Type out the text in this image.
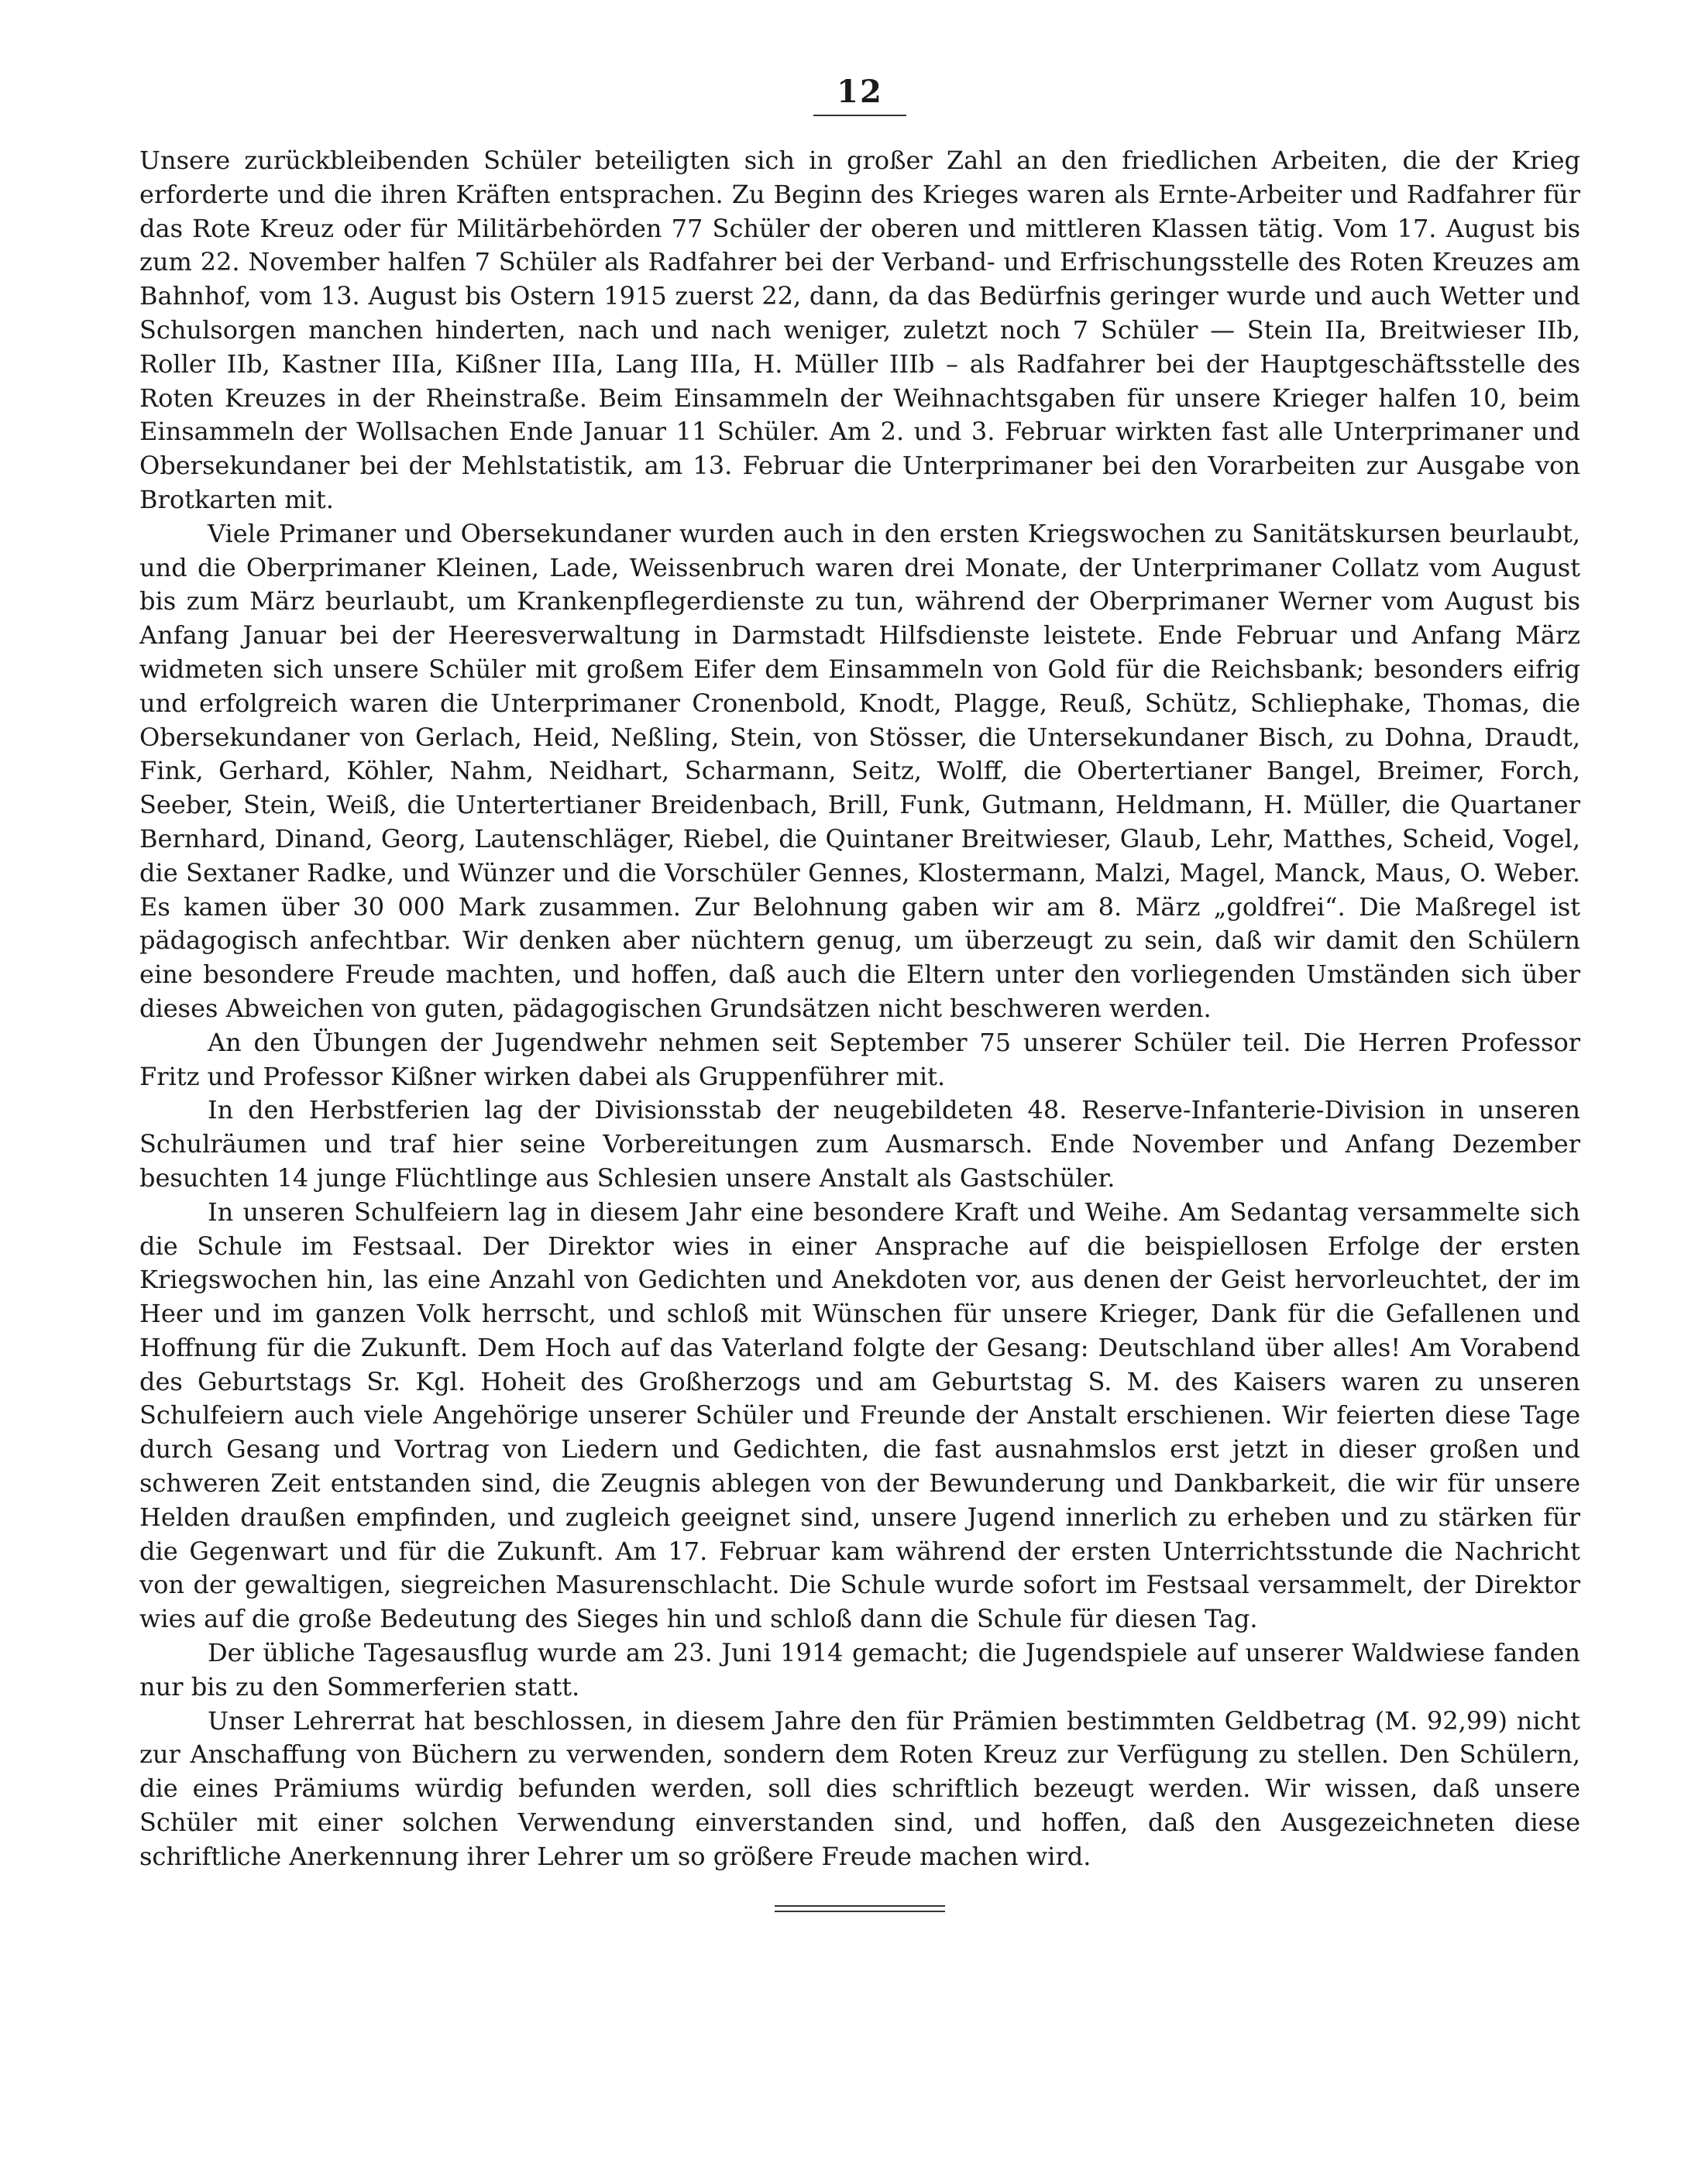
12

Unsere zurückbleibenden Schüler beteiligten sich in großer Zahl an den friedlichen Arbeiten, die der Krieg erforderte und die ihren Kräften entsprachen. Zu Beginn des Krieges waren als Ernte-Arbeiter und Radfahrer für das Rote Kreuz oder für Militärbehörden 77 Schüler der oberen und mittleren Klassen tätig. Vom 17. August bis zum 22. November halfen 7 Schüler als Radfahrer bei der Verband- und Erfrischungsstelle des Roten Kreuzes am Bahnhof, vom 13. August bis Ostern 1915 zuerst 22, dann, da das Bedürfnis geringer wurde und auch Wetter und Schulsorgen manchen hinderten, nach und nach weniger, zuletzt noch 7 Schüler — Stein IIa, Breitwieser IIb, Roller IIb, Kastner IIIa, Kißner IIIa, Lang IIIa, H. Müller IIIb – als Radfahrer bei der Hauptgeschäftsstelle des Roten Kreuzes in der Rheinstraße. Beim Einsammeln der Weihnachtsgaben für unsere Krieger halfen 10, beim Einsammeln der Wollsachen Ende Januar 11 Schüler. Am 2. und 3. Februar wirkten fast alle Unterprimaner und Obersekundaner bei der Mehlstatistik, am 13. Februar die Unterprimaner bei den Vorarbeiten zur Ausgabe von Brotkarten mit.

Viele Primaner und Obersekundaner wurden auch in den ersten Kriegswochen zu Sanitätskursen beurlaubt, und die Oberprimaner Kleinen, Lade, Weissenbruch waren drei Monate, der Unterprimaner Collatz vom August bis zum März beurlaubt, um Krankenpflegerdienste zu tun, während der Oberprimaner Werner vom August bis Anfang Januar bei der Heeresverwaltung in Darmstadt Hilfsdienste leistete. Ende Februar und Anfang März widmeten sich unsere Schüler mit großem Eifer dem Einsammeln von Gold für die Reichsbank; besonders eifrig und erfolgreich waren die Unterprimaner Cronenbold, Knodt, Plagge, Reuß, Schütz, Schliephake, Thomas, die Obersekundaner von Gerlach, Heid, Neßling, Stein, von Stösser, die Untersekundaner Bisch, zu Dohna, Draudt, Fink, Gerhard, Köhler, Nahm, Neidhart, Scharmann, Seitz, Wolff, die Obertertianer Bangel, Breimer, Forch, Seeber, Stein, Weiß, die Untertertianer Breidenbach, Brill, Funk, Gutmann, Heldmann, H. Müller, die Quartaner Bernhard, Dinand, Georg, Lautenschläger, Riebel, die Quintaner Breitwieser, Glaub, Lehr, Matthes, Scheid, Vogel, die Sextaner Radke, und Wünzer und die Vorschüler Gennes, Klostermann, Malzi, Magel, Manck, Maus, O. Weber. Es kamen über 30 000 Mark zusammen. Zur Belohnung gaben wir am 8. März „goldfrei“. Die Maßregel ist pädagogisch anfechtbar. Wir denken aber nüchtern genug, um überzeugt zu sein, daß wir damit den Schülern eine besondere Freude machten, und hoffen, daß auch die Eltern unter den vorliegenden Umständen sich über dieses Abweichen von guten, pädagogischen Grundsätzen nicht beschweren werden.

An den Übungen der Jugendwehr nehmen seit September 75 unserer Schüler teil. Die Herren Professor Fritz und Professor Kißner wirken dabei als Gruppenführer mit.

In den Herbstferien lag der Divisionsstab der neugebildeten 48. Reserve-Infanterie-Division in unseren Schulräumen und traf hier seine Vorbereitungen zum Ausmarsch. Ende November und Anfang Dezember besuchten 14 junge Flüchtlinge aus Schlesien unsere Anstalt als Gastschüler.

In unseren Schulfeiern lag in diesem Jahr eine besondere Kraft und Weihe. Am Sedantag versammelte sich die Schule im Festsaal. Der Direktor wies in einer Ansprache auf die beispiellosen Erfolge der ersten Kriegswochen hin, las eine Anzahl von Gedichten und Anekdoten vor, aus denen der Geist hervorleuchtet, der im Heer und im ganzen Volk herrscht, und schloß mit Wünschen für unsere Krieger, Dank für die Gefallenen und Hoffnung für die Zukunft. Dem Hoch auf das Vaterland folgte der Gesang: Deutschland über alles! Am Vorabend des Geburtstags Sr. Kgl. Hoheit des Großherzogs und am Geburtstag S. M. des Kaisers waren zu unseren Schulfeiern auch viele Angehörige unserer Schüler und Freunde der Anstalt erschienen. Wir feierten diese Tage durch Gesang und Vortrag von Liedern und Gedichten, die fast ausnahmslos erst jetzt in dieser großen und schweren Zeit entstanden sind, die Zeugnis ablegen von der Bewunderung und Dankbarkeit, die wir für unsere Helden draußen empfinden, und zugleich geeignet sind, unsere Jugend innerlich zu erheben und zu stärken für die Gegenwart und für die Zukunft. Am 17. Februar kam während der ersten Unterrichtsstunde die Nachricht von der gewaltigen, siegreichen Masurenschlacht. Die Schule wurde sofort im Festsaal versammelt, der Direktor wies auf die große Bedeutung des Sieges hin und schloß dann die Schule für diesen Tag.

Der übliche Tagesausflug wurde am 23. Juni 1914 gemacht; die Jugendspiele auf unserer Waldwiese fanden nur bis zu den Sommerferien statt.

Unser Lehrerrat hat beschlossen, in diesem Jahre den für Prämien bestimmten Geldbetrag (M. 92,99) nicht zur Anschaffung von Büchern zu verwenden, sondern dem Roten Kreuz zur Verfügung zu stellen. Den Schülern, die eines Prämiums würdig befunden werden, soll dies schriftlich bezeugt werden. Wir wissen, daß unsere Schüler mit einer solchen Verwendung einverstanden sind, und hoffen, daß den Ausgezeichneten diese schriftliche Anerkennung ihrer Lehrer um so größere Freude machen wird.
